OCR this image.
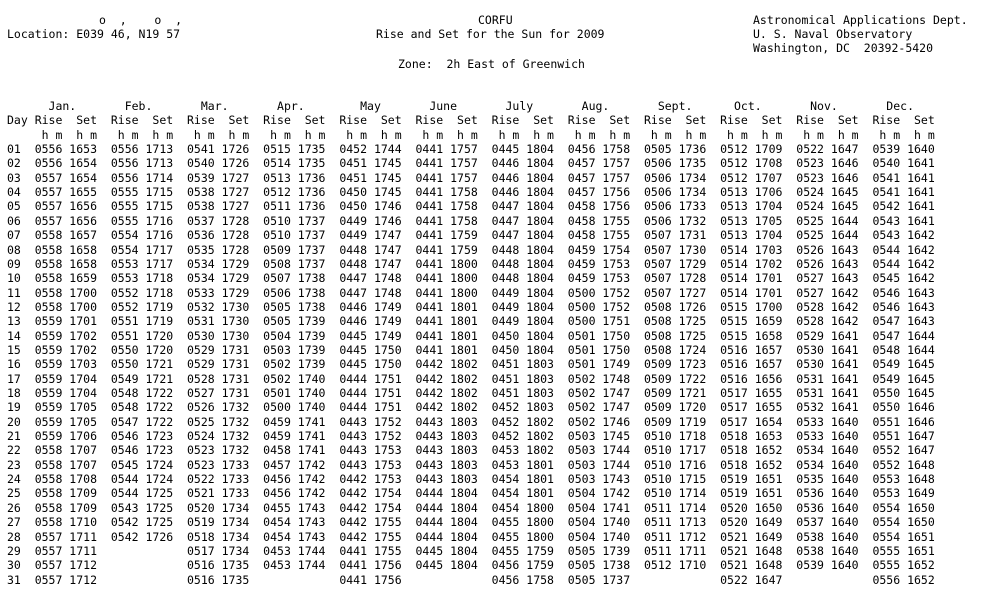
o  ,    o  ,
Location: E039 46, N19 57
CORFU
Rise and Set for the Sun for 2009
Zone:  2h East of Greenwich
Astronomical Applications Dept.
U. S. Naval Observatory
Washington, DC  20392-5420
Jan.       Feb.       Mar.       Apr.        May       June       July       Aug.       Sept.      Oct.       Nov.       Dec.
Day Rise  Set  Rise  Set  Rise  Set  Rise  Set  Rise  Set  Rise  Set  Rise  Set  Rise  Set  Rise  Set  Rise  Set  Rise  Set  Rise  Set
h m  h m   h m  h m   h m  h m   h m  h m   h m  h m   h m  h m   h m  h m   h m  h m   h m  h m   h m  h m   h m  h m   h m  h m
01  0556 1653  0556 1713  0541 1726  0515 1735  0452 1744  0441 1757  0445 1804  0456 1758  0505 1736  0512 1709  0522 1647  0539 1640
02  0556 1654  0556 1713  0540 1726  0514 1735  0451 1745  0441 1757  0446 1804  0457 1757  0506 1735  0512 1708  0523 1646  0540 1641
03  0557 1654  0556 1714  0539 1727  0513 1736  0451 1745  0441 1757  0446 1804  0457 1757  0506 1734  0512 1707  0523 1646  0541 1641
04  0557 1655  0555 1715  0538 1727  0512 1736  0450 1745  0441 1758  0446 1804  0457 1756  0506 1734  0513 1706  0524 1645  0541 1641
05  0557 1656  0555 1715  0538 1727  0511 1736  0450 1746  0441 1758  0447 1804  0458 1756  0506 1733  0513 1704  0524 1645  0542 1641
06  0557 1656  0555 1716  0537 1728  0510 1737  0449 1746  0441 1758  0447 1804  0458 1755  0506 1732  0513 1705  0525 1644  0543 1641
07  0558 1657  0554 1716  0536 1728  0510 1737  0449 1747  0441 1759  0447 1804  0458 1755  0507 1731  0513 1704  0525 1644  0543 1642
08  0558 1658  0554 1717  0535 1728  0509 1737  0448 1747  0441 1759  0448 1804  0459 1754  0507 1730  0514 1703  0526 1643  0544 1642
09  0558 1658  0553 1717  0534 1729  0508 1737  0448 1747  0441 1800  0448 1804  0459 1753  0507 1729  0514 1702  0526 1643  0544 1642
10  0558 1659  0553 1718  0534 1729  0507 1738  0447 1748  0441 1800  0448 1804  0459 1753  0507 1728  0514 1701  0527 1643  0545 1642
11  0558 1700  0552 1718  0533 1729  0506 1738  0447 1748  0441 1800  0449 1804  0500 1752  0507 1727  0514 1701  0527 1642  0546 1643
12  0558 1700  0552 1719  0532 1730  0505 1738  0446 1749  0441 1801  0449 1804  0500 1752  0508 1726  0515 1700  0528 1642  0546 1643
13  0559 1701  0551 1719  0531 1730  0505 1739  0446 1749  0441 1801  0449 1804  0500 1751  0508 1725  0515 1659  0528 1642  0547 1643
14  0559 1702  0551 1720  0530 1730  0504 1739  0445 1749  0441 1801  0450 1804  0501 1750  0508 1725  0515 1658  0529 1641  0547 1644
15  0559 1702  0550 1720  0529 1731  0503 1739  0445 1750  0441 1801  0450 1804  0501 1750  0508 1724  0516 1657  0530 1641  0548 1644
16  0559 1703  0550 1721  0529 1731  0502 1739  0445 1750  0442 1802  0451 1803  0501 1749  0509 1723  0516 1657  0530 1641  0549 1645
17  0559 1704  0549 1721  0528 1731  0502 1740  0444 1751  0442 1802  0451 1803  0502 1748  0509 1722  0516 1656  0531 1641  0549 1645
18  0559 1704  0548 1722  0527 1731  0501 1740  0444 1751  0442 1802  0451 1803  0502 1747  0509 1721  0517 1655  0531 1641  0550 1645
19  0559 1705  0548 1722  0526 1732  0500 1740  0444 1751  0442 1802  0452 1803  0502 1747  0509 1720  0517 1655  0532 1641  0550 1646
20  0559 1705  0547 1722  0525 1732  0459 1741  0443 1752  0443 1803  0452 1802  0502 1746  0509 1719  0517 1654  0533 1640  0551 1646
21  0559 1706  0546 1723  0524 1732  0459 1741  0443 1752  0443 1803  0452 1802  0503 1745  0510 1718  0518 1653  0533 1640  0551 1647
22  0558 1707  0546 1723  0523 1732  0458 1741  0443 1753  0443 1803  0453 1802  0503 1744  0510 1717  0518 1652  0534 1640  0552 1647
23  0558 1707  0545 1724  0523 1733  0457 1742  0443 1753  0443 1803  0453 1801  0503 1744  0510 1716  0518 1652  0534 1640  0552 1648
24  0558 1708  0544 1724  0522 1733  0456 1742  0442 1753  0443 1803  0454 1801  0503 1743  0510 1715  0519 1651  0535 1640  0553 1648
25  0558 1709  0544 1725  0521 1733  0456 1742  0442 1754  0444 1804  0454 1801  0504 1742  0510 1714  0519 1651  0536 1640  0553 1649
26  0558 1709  0543 1725  0520 1734  0455 1743  0442 1754  0444 1804  0454 1800  0504 1741  0511 1714  0520 1650  0536 1640  0554 1650
27  0558 1710  0542 1725  0519 1734  0454 1743  0442 1755  0444 1804  0455 1800  0504 1740  0511 1713  0520 1649  0537 1640  0554 1650
28  0557 1711  0542 1726  0518 1734  0454 1743  0442 1755  0444 1804  0455 1800  0504 1740  0511 1712  0521 1649  0538 1640  0554 1651
29  0557 1711             0517 1734  0453 1744  0441 1755  0445 1804  0455 1759  0505 1739  0511 1711  0521 1648  0538 1640  0555 1651
30  0557 1712             0516 1735  0453 1744  0441 1756  0445 1804  0456 1759  0505 1738  0512 1710  0521 1648  0539 1640  0555 1652
31  0557 1712             0516 1735             0441 1756             0456 1758  0505 1737             0522 1647             0556 1652
